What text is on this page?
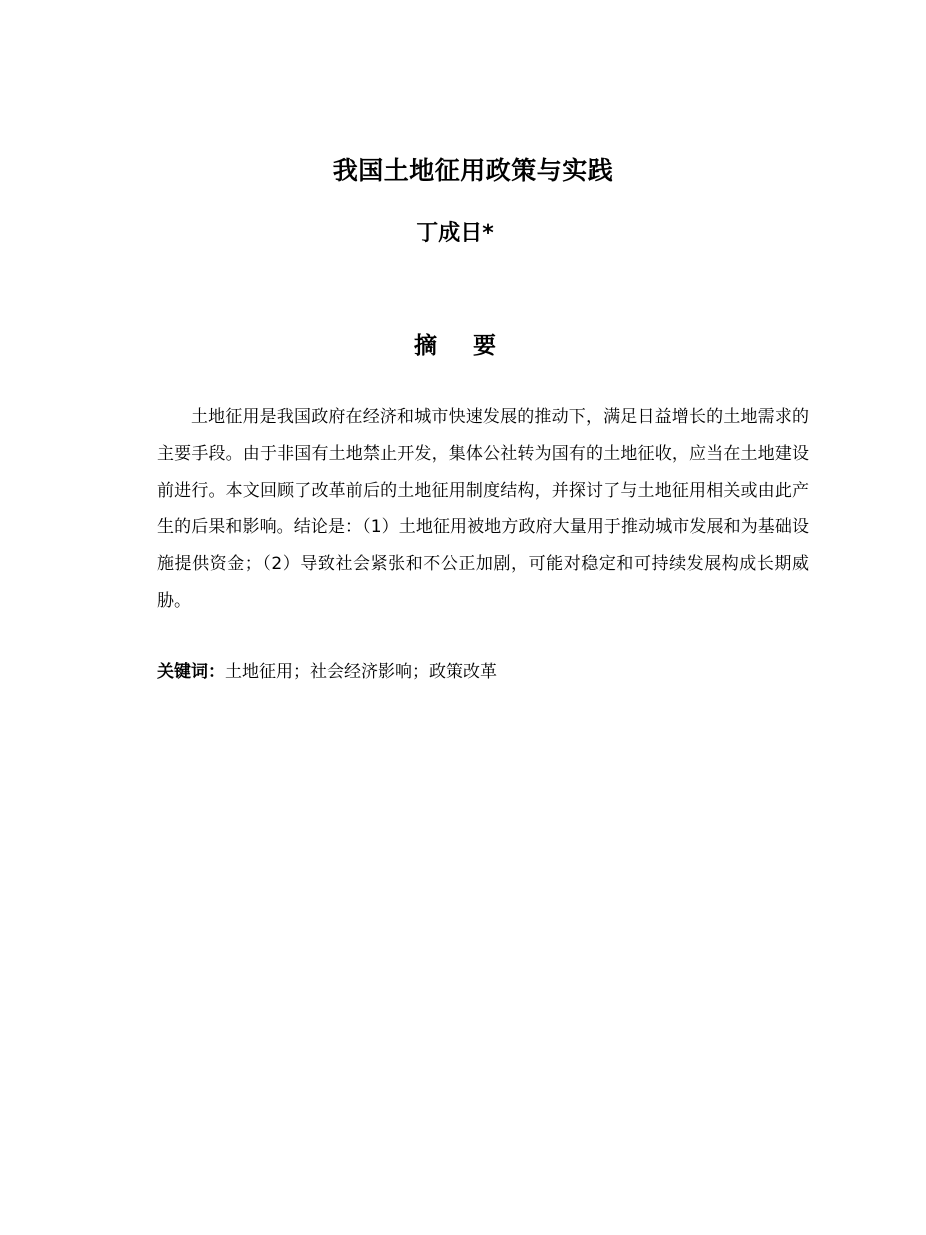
我国土地征用政策与实践
丁成日*
摘 要

土地征用是我国政府在经济和城市快速发展的推动下，满足日益增长的土地需求的主要手段。由于非国有土地禁止开发，集体公社转为国有的土地征收，应当在土地建设前进行。本文回顾了改革前后的土地征用制度结构，并探讨了与土地征用相关或由此产生的后果和影响。结论是：（1）土地征用被地方政府大量用于推动城市发展和为基础设施提供资金；（2）导致社会紧张和不公正加剧，可能对稳定和可持续发展构成长期威胁。

关键词：土地征用；社会经济影响；政策改革
